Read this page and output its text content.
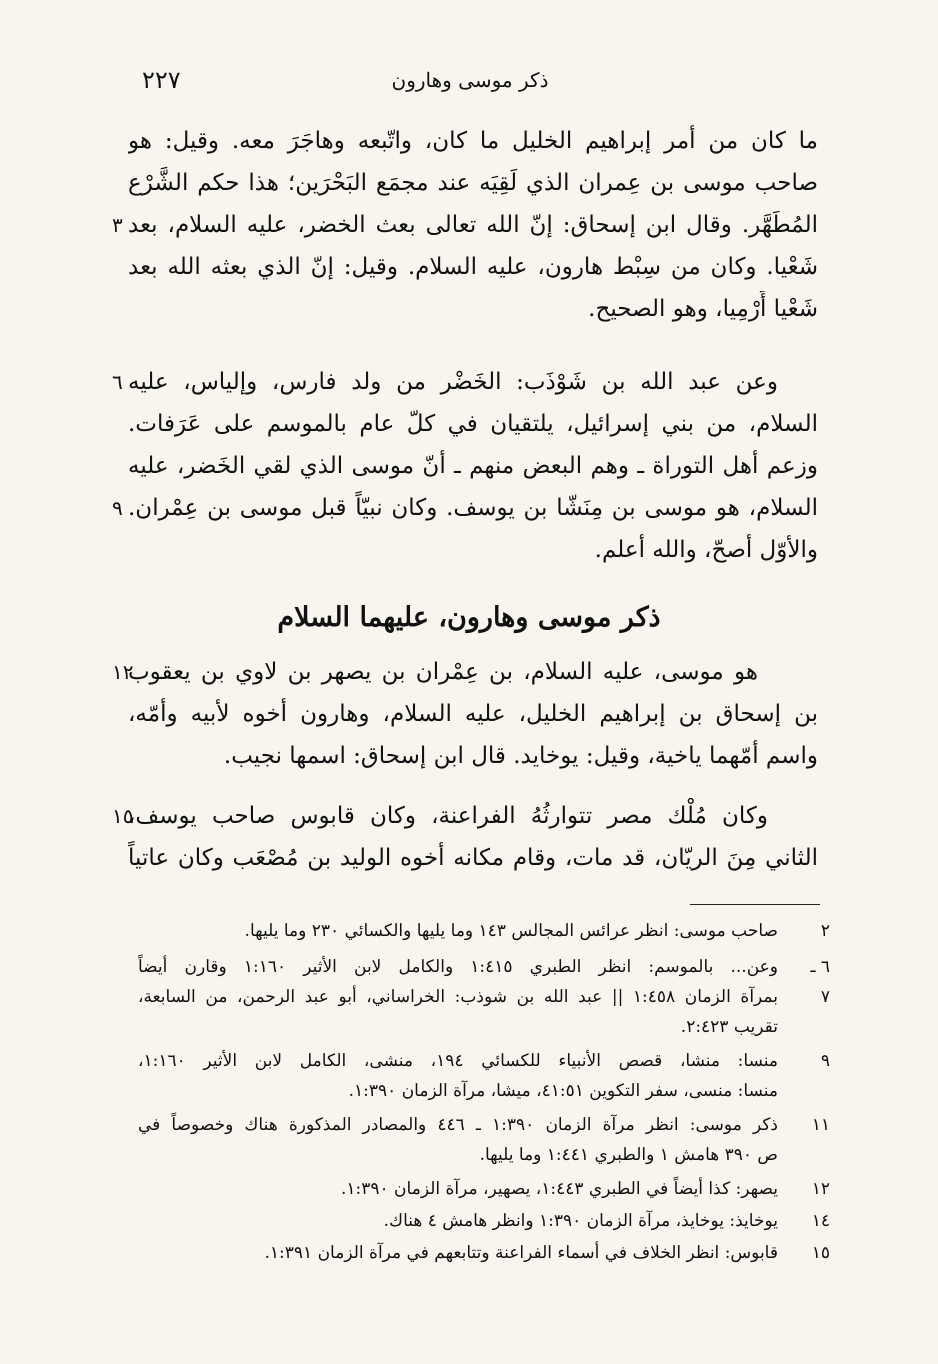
٢٢٧	ذكر موسى وهارون
ما كان من أمر إبراهيم الخليل ما كان، واتّبعه وهاجَرَ معه. وقيل: هو
صاحب موسى بن عِمران الذي لَقِيَه عند مجمَع البَحْرَين؛ هذا حكم الشَّرْع
المُطَهَّر. وقال ابن إسحاق: إنّ الله تعالى بعث الخضر، عليه السلام، بعد
٣
شَعْيا. وكان من سِبْط هارون، عليه السلام. وقيل: إنّ الذي بعثه الله بعد
شَعْيا أَرْمِيا، وهو الصحيح.
وعن عبد الله بن شَوْذَب: الخَضْر من ولد فارس، وإلياس، عليه
٦
السلام، من بني إسرائيل، يلتقيان في كلّ عام بالموسم على عَرَفات.
وزعم أهل التوراة ـ وهم البعض منهم ـ أنّ موسى الذي لقي الخَضر، عليه
السلام، هو موسى بن مِنَشّا بن يوسف. وكان نبيّاً قبل موسى بن عِمْران.
٩
والأوّل أصحّ، والله أعلم.
ذكر موسى وهارون، عليهما السلام
هو موسى، عليه السلام، بن عِمْران بن يصهر بن لاوي بن يعقوب
١٢
بن إسحاق بن إبراهيم الخليل، عليه السلام، وهارون أخوه لأبيه وأمّه،
واسم أمّهما ياخية، وقيل: يوخايد. قال ابن إسحاق: اسمها نجيب.
وكان مُلْك مصر تتوارثُهُ الفراعنة، وكان قابوس صاحب يوسف،
١٥
الثاني مِنَ الريّان، قد مات، وقام مكانه أخوه الوليد بن مُصْعَب وكان عاتياً
٢
صاحب موسى: انظر عرائس المجالس ١٤٣ وما يليها والكسائي ٢٣٠ وما يليها.
٦ ـ ٧
وعن... بالموسم: انظر الطبري ١:٤١٥ والكامل لابن الأثير ١:١٦٠ وقارن أيضاً
بمرآة الزمان ١:٤٥٨ || عبد الله بن شوذب: الخراساني، أبو عبد الرحمن، من السابعة،
تقريب ٢:٤٢٣.
٩
منسا: منشا، قصص الأنبياء للكسائي ١٩٤، منشى، الكامل لابن الأثير ١:١٦٠،
منسا: منسى، سفر التكوين ٤١:٥١، ميشا، مرآة الزمان ١:٣٩٠.
١١
ذكر موسى: انظر مرآة الزمان ١:٣٩٠ ـ ٤٤٦ والمصادر المذكورة هناك وخصوصاً في
ص ٣٩٠ هامش ١ والطبري ١:٤٤١ وما يليها.
١٢
يصهر: كذا أيضاً في الطبري ١:٤٤٣، يصهير، مرآة الزمان ١:٣٩٠.
١٤
يوخايذ: يوخايذ، مرآة الزمان ١:٣٩٠ وانظر هامش ٤ هناك.
١٥
قابوس: انظر الخلاف في أسماء الفراعنة وتتابعهم في مرآة الزمان ١:٣٩١.
